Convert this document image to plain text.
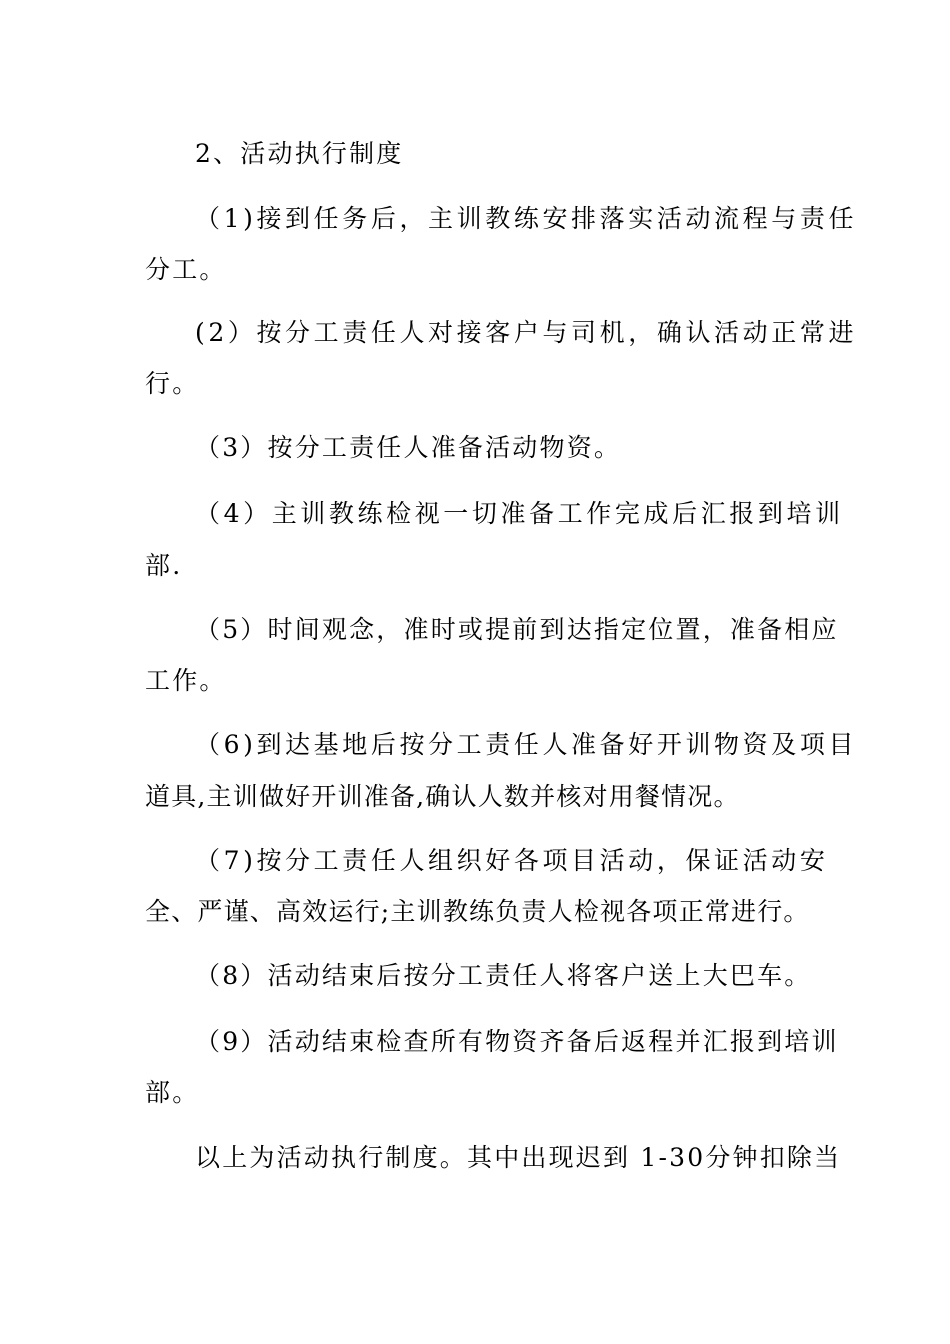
2、活动执行制度
（1)接到任务后，主训教练安排落实活动流程与责任
分工。
(2）按分工责任人对接客户与司机，确认活动正常进
行。
（3）按分工责任人准备活动物资。
（4）主训教练检视一切准备工作完成后汇报到培训
部.
（5）时间观念，准时或提前到达指定位置，准备相应
工作。
（6)到达基地后按分工责任人准备好开训物资及项目
道具,主训做好开训准备,确认人数并核对用餐情况。
（7)按分工责任人组织好各项目活动，保证活动安
全、严谨、高效运行;主训教练负责人检视各项正常进行。
（8）活动结束后按分工责任人将客户送上大巴车。
（9）活动结束检查所有物资齐备后返程并汇报到培训
部。
以上为活动执行制度。其中出现迟到 1-30分钟扣除当
